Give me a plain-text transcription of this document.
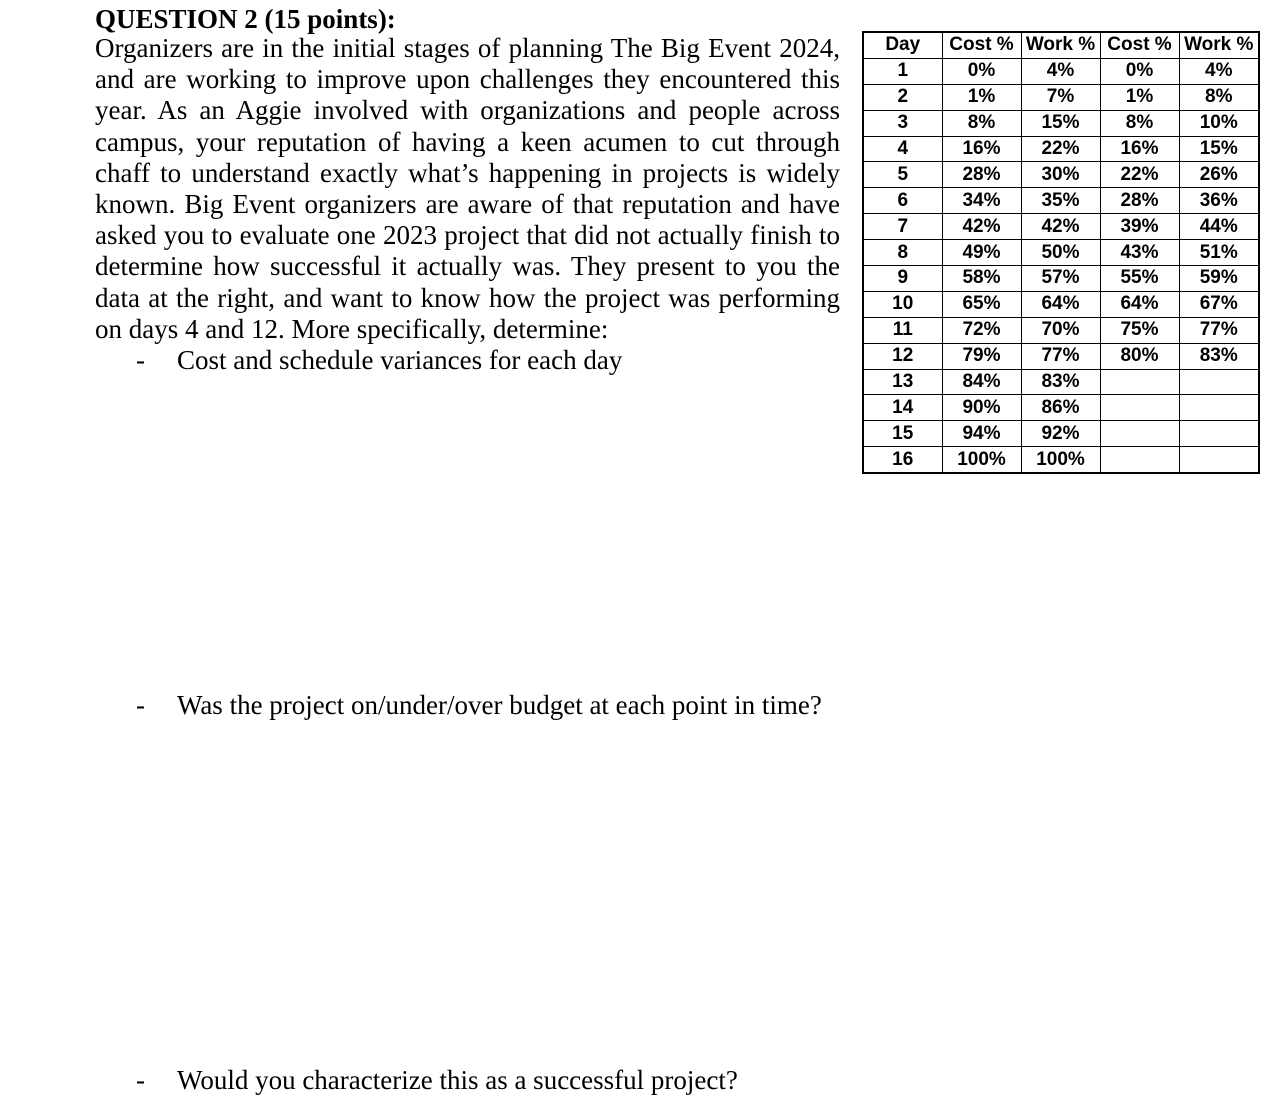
QUESTION 2 (15 points):

Organizers are in the initial stages of planning The Big Event 2024, and are working to improve upon challenges they encountered this year. As an Aggie involved with organizations and people across campus, your reputation of having a keen acumen to cut through chaff to understand exactly what’s happening in projects is widely known. Big Event organizers are aware of that reputation and have asked you to evaluate one 2023 project that did not actually finish to determine how successful it actually was. They present to you the data at the right, and want to know how the project was performing on days 4 and 12. More specifically, determine:

- Cost and schedule variances for each day
- Was the project on/under/over budget at each point in time?
- Would you characterize this as a successful project?
Day	Cost %	Work %	Cost %	Work %
1	0%	4%	0%	4%
2	1%	7%	1%	8%
3	8%	15%	8%	10%
4	16%	22%	16%	15%
5	28%	30%	22%	26%
6	34%	35%	28%	36%
7	42%	42%	39%	44%
8	49%	50%	43%	51%
9	58%	57%	55%	59%
10	65%	64%	64%	67%
11	72%	70%	75%	77%
12	79%	77%	80%	83%
13	84%	83%		
14	90%	86%		
15	94%	92%		
16	100%	100%		
